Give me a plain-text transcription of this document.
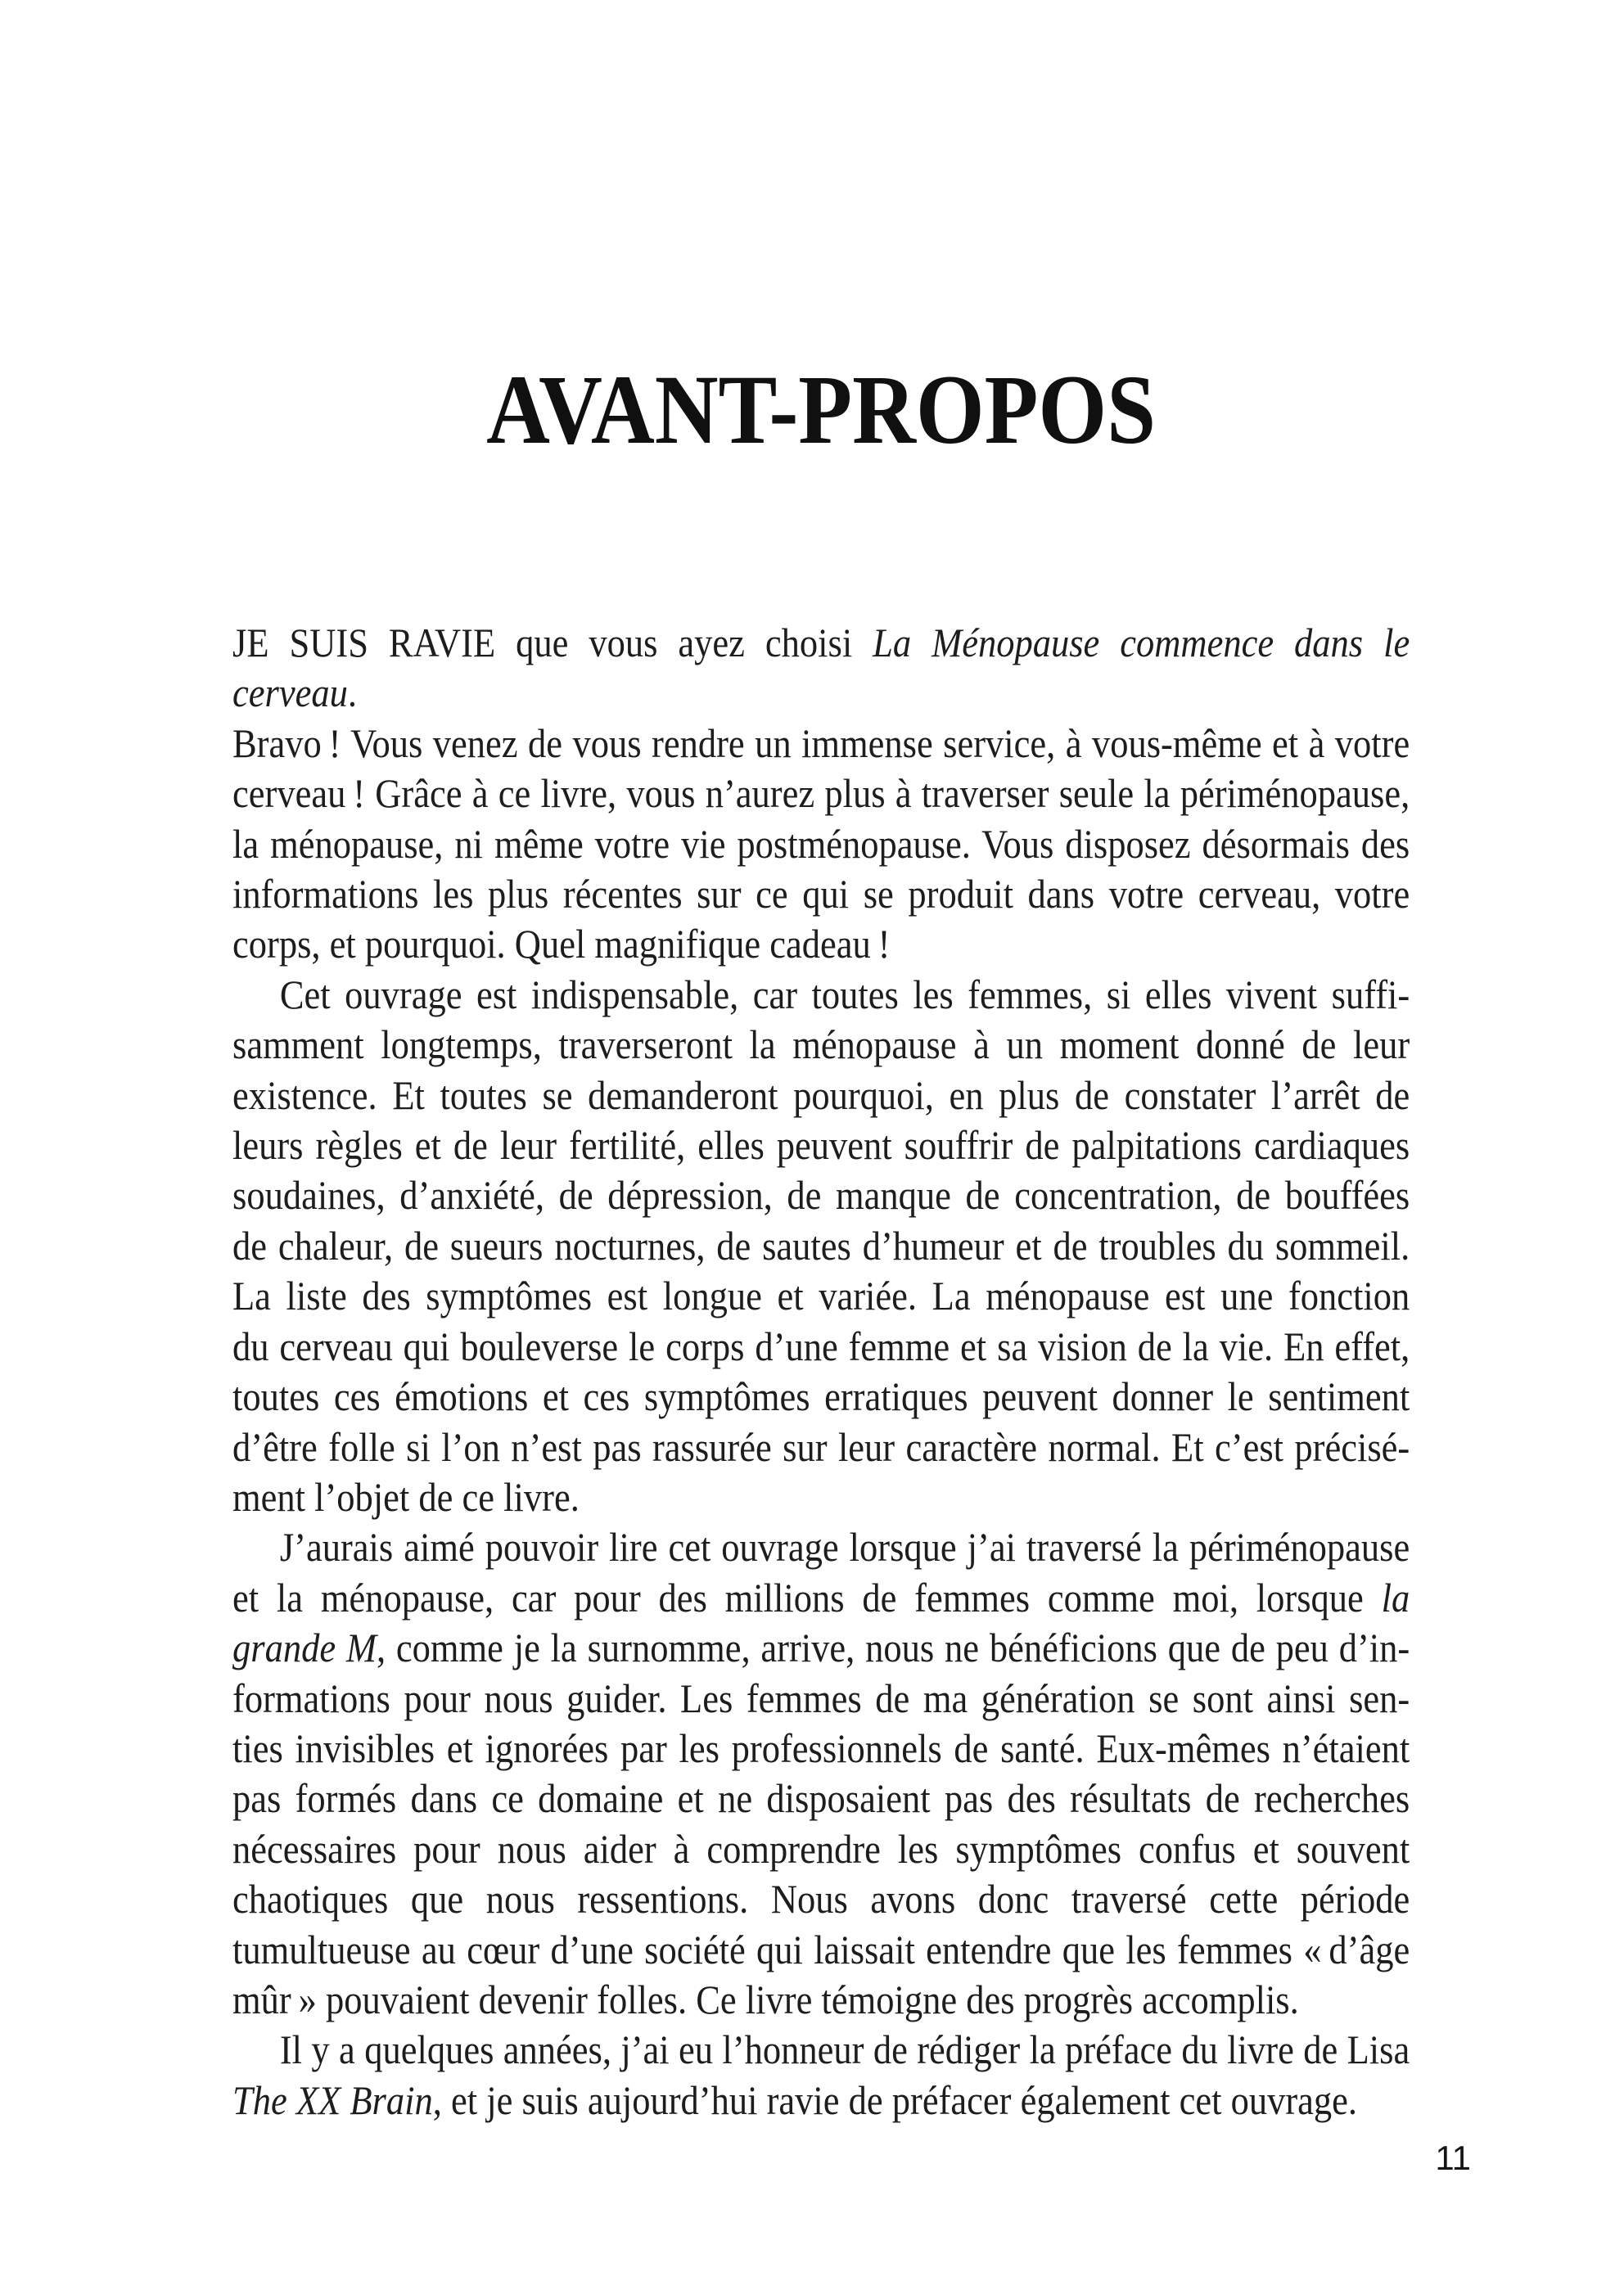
AVANT-PROPOS
JE SUIS RAVIE que vous ayez choisi La Ménopause commence dans le cerveau.
Bravo ! Vous venez de vous rendre un immense service, à vous-même et à votre
cerveau ! Grâce à ce livre, vous n’aurez plus à traverser seule la périménopause,
la ménopause, ni même votre vie postménopause. Vous disposez désormais des
informations les plus récentes sur ce qui se produit dans votre cerveau, votre
corps, et pourquoi. Quel magnifique cadeau !
Cet ouvrage est indispensable, car toutes les femmes, si elles vivent suffi-
samment longtemps, traverseront la ménopause à un moment donné de leur
existence. Et toutes se demanderont pourquoi, en plus de constater l’arrêt de
leurs règles et de leur fertilité, elles peuvent souffrir de palpitations cardiaques
soudaines, d’anxiété, de dépression, de manque de concentration, de bouffées
de chaleur, de sueurs nocturnes, de sautes d’humeur et de troubles du sommeil.
La liste des symptômes est longue et variée. La ménopause est une fonction
du cerveau qui bouleverse le corps d’une femme et sa vision de la vie. En effet,
toutes ces émotions et ces symptômes erratiques peuvent donner le sentiment
d’être folle si l’on n’est pas rassurée sur leur caractère normal. Et c’est précisé-
ment l’objet de ce livre.
J’aurais aimé pouvoir lire cet ouvrage lorsque j’ai traversé la périménopause
et la ménopause, car pour des millions de femmes comme moi, lorsque la
grande M, comme je la surnomme, arrive, nous ne bénéficions que de peu d’in-
formations pour nous guider. Les femmes de ma génération se sont ainsi sen-
ties invisibles et ignorées par les professionnels de santé. Eux-mêmes n’étaient
pas formés dans ce domaine et ne disposaient pas des résultats de recherches
nécessaires pour nous aider à comprendre les symptômes confus et souvent
chaotiques que nous ressentions. Nous avons donc traversé cette période
tumultueuse au cœur d’une société qui laissait entendre que les femmes « d’âge
mûr » pouvaient devenir folles. Ce livre témoigne des progrès accomplis.
Il y a quelques années, j’ai eu l’honneur de rédiger la préface du livre de Lisa
The XX Brain, et je suis aujourd’hui ravie de préfacer également cet ouvrage.
11
